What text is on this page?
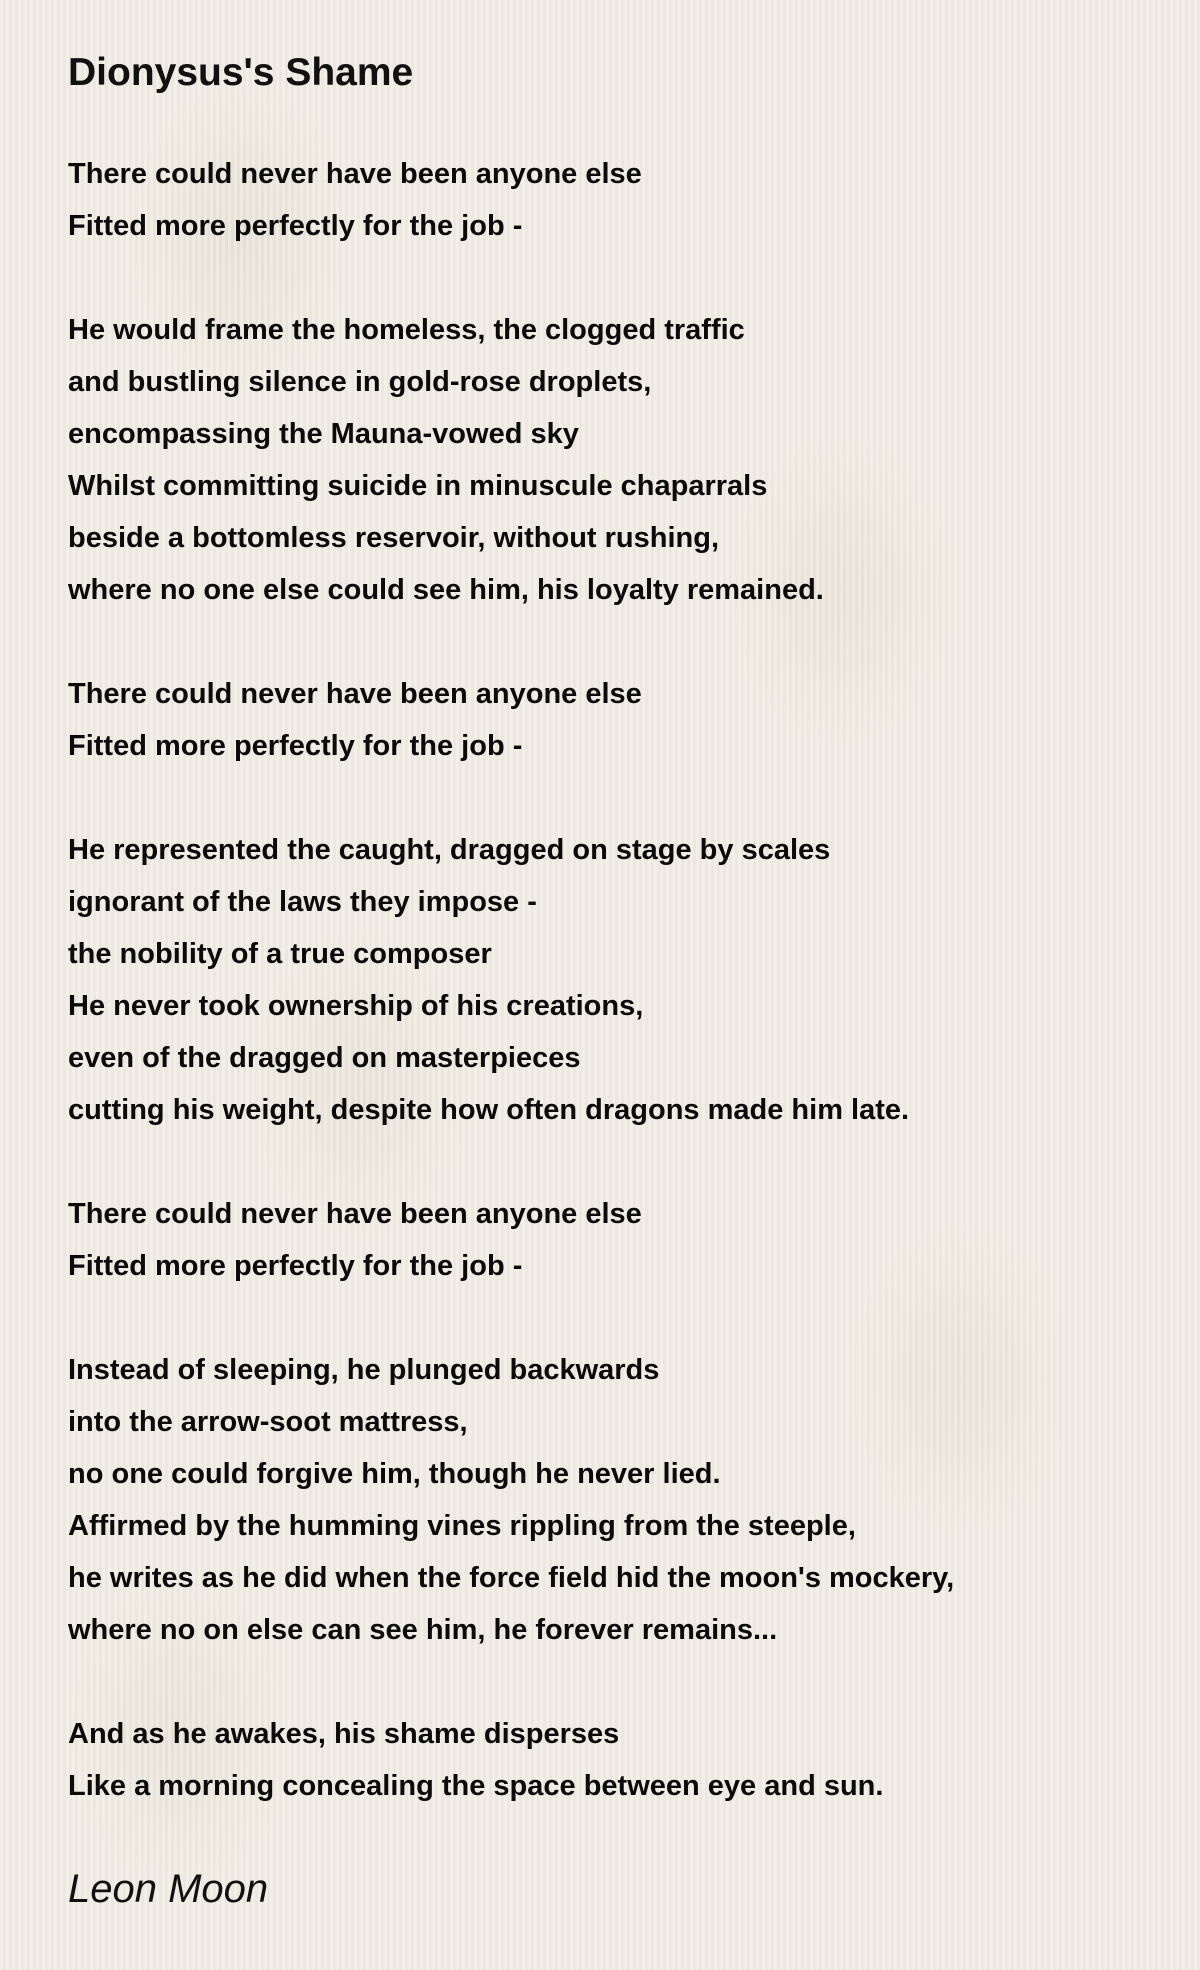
Dionysus's Shame
There could never have been anyone else
Fitted more perfectly for the job -
He would frame the homeless, the clogged traffic
and bustling silence in gold-rose droplets,
encompassing the Mauna-vowed sky
Whilst committing suicide in minuscule chaparrals
beside a bottomless reservoir, without rushing,
where no one else could see him, his loyalty remained.
There could never have been anyone else
Fitted more perfectly for the job -
He represented the caught, dragged on stage by scales
ignorant of the laws they impose -
the nobility of a true composer
He never took ownership of his creations,
even of the dragged on masterpieces
cutting his weight, despite how often dragons made him late.
There could never have been anyone else
Fitted more perfectly for the job -
Instead of sleeping, he plunged backwards
into the arrow-soot mattress,
no one could forgive him, though he never lied.
Affirmed by the humming vines rippling from the steeple,
he writes as he did when the force field hid the moon's mockery,
where no on else can see him, he forever remains...
And as he awakes, his shame disperses
Like a morning concealing the space between eye and sun.

Leon Moon
